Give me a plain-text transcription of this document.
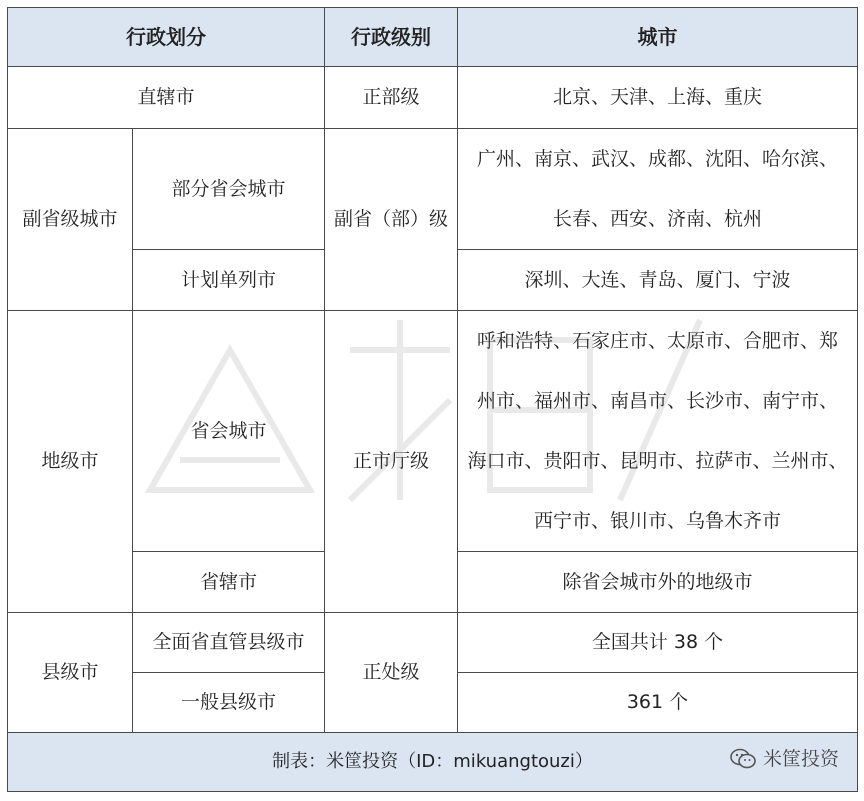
行政划分		行政级别	城市
直辖市		正部级	北京、天津、上海、重庆
副省级城市	部分省会城市	副省（部）级	广州、南京、武汉、成都、沈阳、哈尔滨、
长春、西安、济南、杭州

	计划单列市		深圳、大连、青岛、厦门、宁波
地级市	省会城市	正市厅级	呼和浩特、石家庄市、太原市、合肥市、郑
州市、福州市、南昌市、长沙市、南宁市、
海口市、贵阳市、昆明市、拉萨市、兰州市、
西宁市、银川市、乌鲁木齐市

	省辖市		除省会城市外的地级市
县级市	全面省直管县级市	正处级	全国共计 38 个
	一般县级市		361 个
制表：米筐投资（ID：mikuangtouzi） 米筐投资			
